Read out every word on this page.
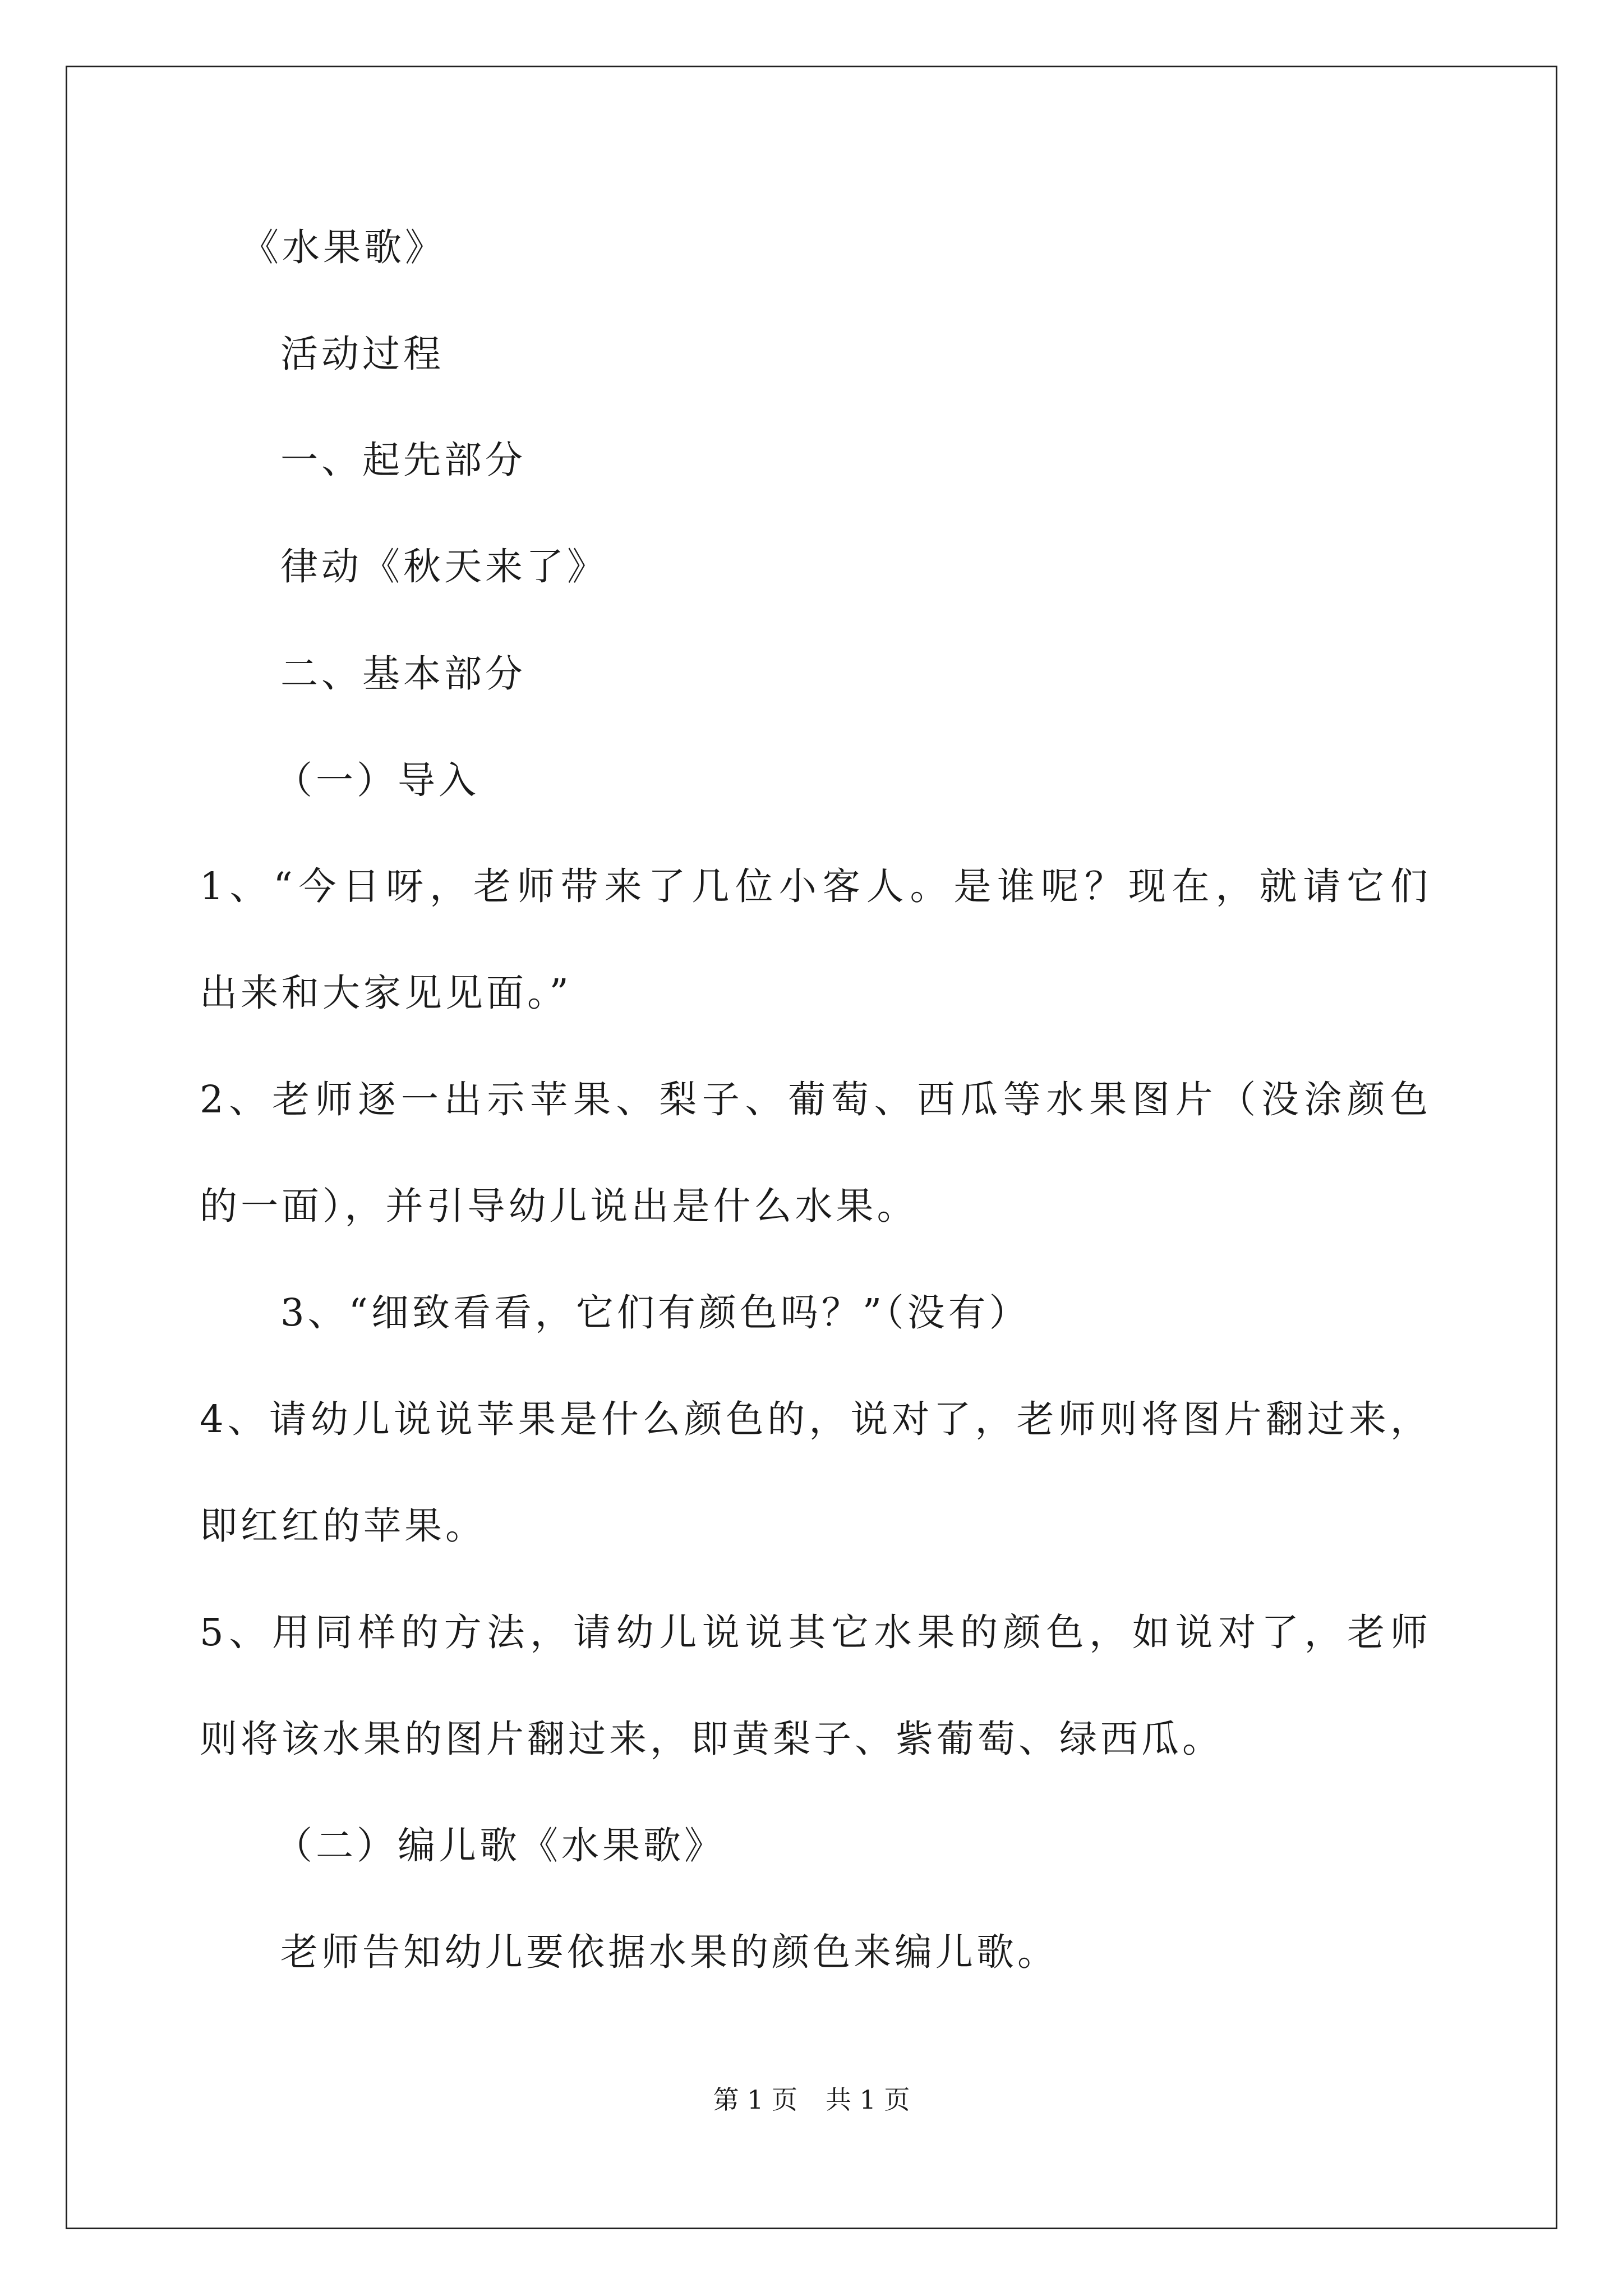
《水果歌》

活动过程

一、起先部分

律动《秋天来了》

二、基本部分

（一）导入

1、“今日呀，老师带来了几位小客人。是谁呢？现在，就请它们

出来和大家见见面。”

2、老师逐一出示苹果、梨子、葡萄、西瓜等水果图片（没涂颜色

的一面），并引导幼儿说出是什么水果。

3、“细致看看，它们有颜色吗？”（没有）

4、请幼儿说说苹果是什么颜色的，说对了，老师则将图片翻过来，

即红红的苹果。

5、用同样的方法，请幼儿说说其它水果的颜色，如说对了，老师

则将该水果的图片翻过来，即黄梨子、紫葡萄、绿西瓜。

（二）编儿歌《水果歌》

老师告知幼儿要依据水果的颜色来编儿歌。

第 1 页 共 1 页
